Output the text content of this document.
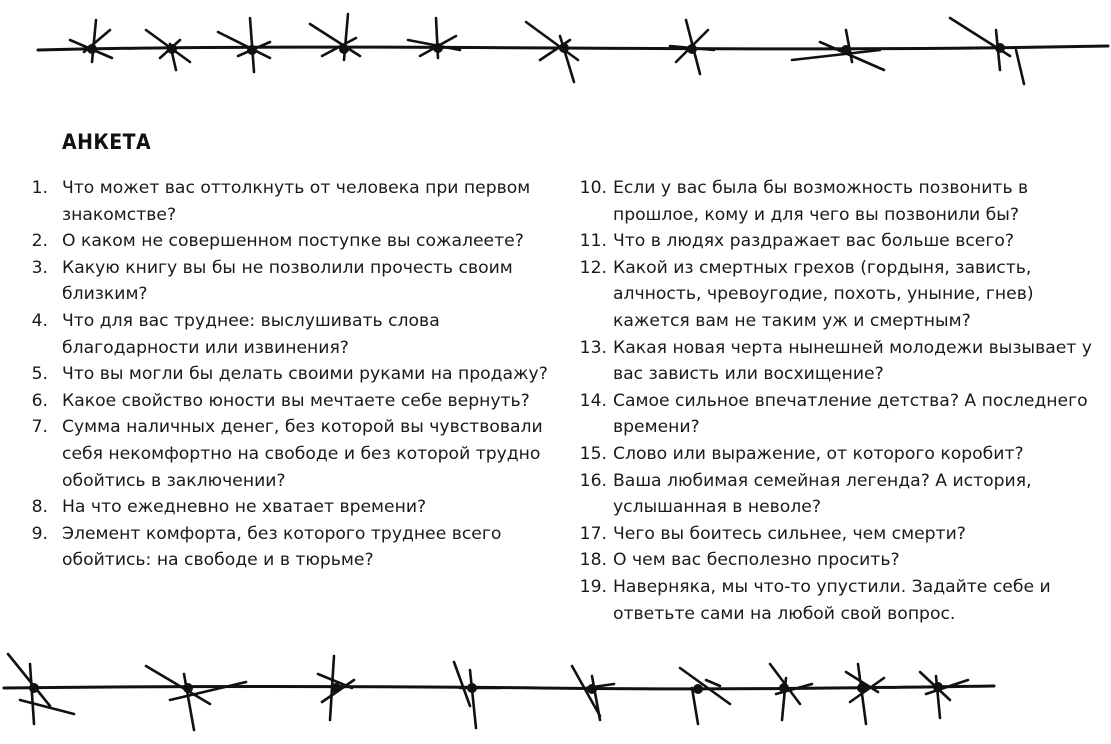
АНКЕТА
1. Что может вас оттолкнуть от человека при первом знакомстве?
2. О каком не совершенном поступке вы сожалеете?
3. Какую книгу вы бы не позволили прочесть своим близким?
4. Что для вас труднее: выслушивать слова благодарности или извинения?
5. Что вы могли бы делать своими руками на продажу?
6. Какое свойство юности вы мечтаете себе вернуть?
7. Сумма наличных денег, без которой вы чувствовали себя некомфортно на свободе и без которой трудно обойтись в заключении?
8. На что ежедневно не хватает времени?
9. Элемент комфорта, без которого труднее всего обойтись: на свободе и в тюрьме?
10. Если у вас была бы возможность позвонить в прошлое, кому и для чего вы позвонили бы?
11. Что в людях раздражает вас больше всего?
12. Какой из смертных грехов (гордыня, зависть, алчность, чревоугодие, похоть, уныние, гнев) кажется вам не таким уж и смертным?
13. Какая новая черта нынешней молодежи вызывает у вас зависть или восхищение?
14. Самое сильное впечатление детства? А последнего времени?
15. Слово или выражение, от которого коробит?
16. Ваша любимая семейная легенда? А история, услышанная в неволе?
17. Чего вы боитесь сильнее, чем смерти?
18. О чем вас бесполезно просить?
19. Наверняка, мы что-то упустили. Задайте себе и ответьте сами на любой свой вопрос.
